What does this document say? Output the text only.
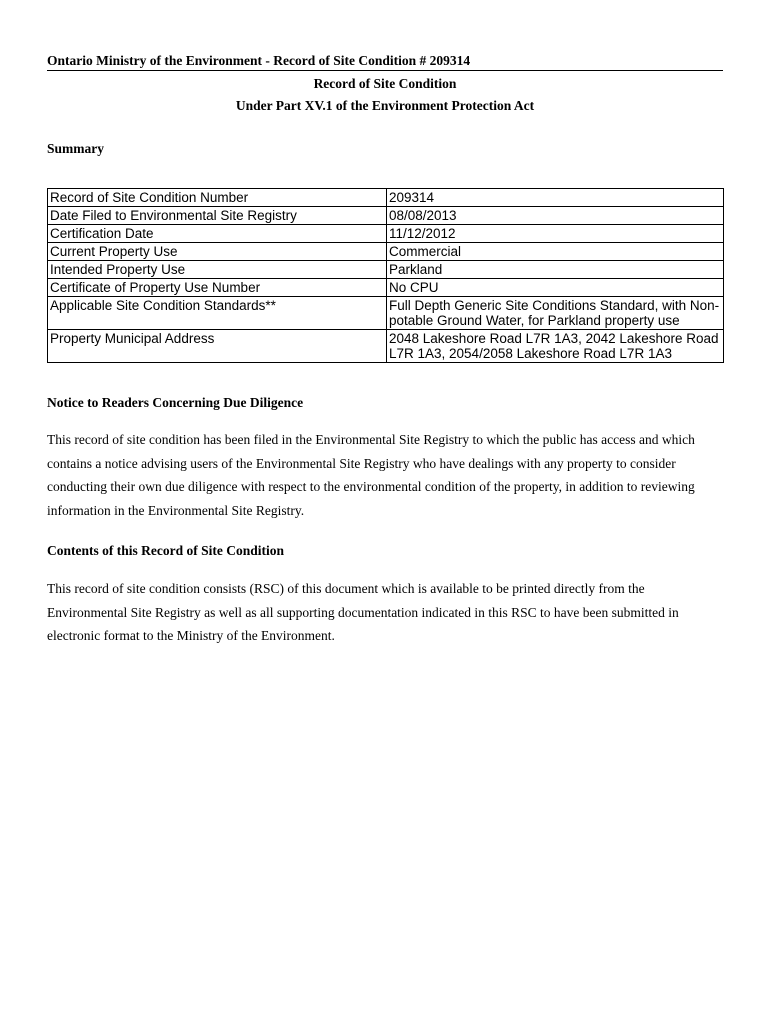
Ontario Ministry of the Environment - Record of Site Condition # 209314
Record of Site Condition
Under Part XV.1 of the Environment Protection Act
Summary
Record of Site Condition Number	209314
Date Filed to Environmental Site Registry	08/08/2013
Certification Date	11/12/2012
Current Property Use	Commercial
Intended Property Use	Parkland
Certificate of Property Use Number	No CPU
Applicable Site Condition Standards**	Full Depth Generic Site Conditions Standard, with Non-potable Ground Water, for Parkland property use
Property Municipal Address	2048 Lakeshore Road L7R 1A3, 2042 Lakeshore Road L7R 1A3, 2054/2058 Lakeshore Road L7R 1A3
Notice to Readers Concerning Due Diligence
This record of site condition has been filed in the Environmental Site Registry to which the public has access and which contains a notice advising users of the Environmental Site Registry who have dealings with any property to consider conducting their own due diligence with respect to the environmental condition of the property, in addition to reviewing information in the Environmental Site Registry.
Contents of this Record of Site Condition
This record of site condition consists (RSC) of this document which is available to be printed directly from the Environmental Site Registry as well as all supporting documentation indicated in this RSC to have been submitted in electronic format to the Ministry of the Environment.
